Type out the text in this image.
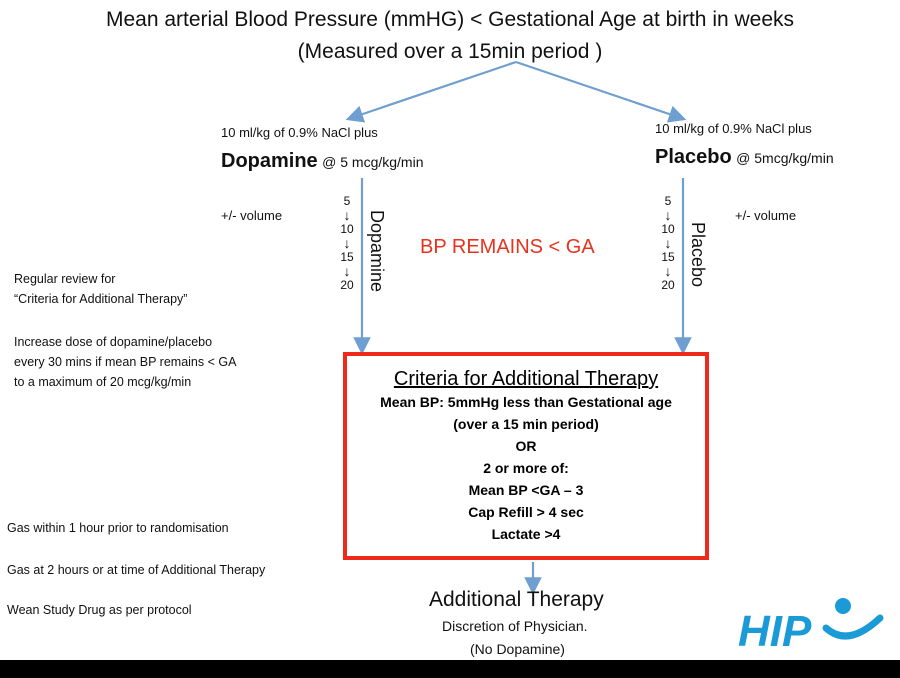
Mean arterial Blood Pressure (mmHG) < Gestational Age at birth in weeks
(Measured over a 15min period )
10 ml/kg of 0.9% NaCl plus
Dopamine @ 5 mcg/kg/min
+/- volume
5
↓
10
↓
15
↓
20 Dopamine BP REMAINS < GA
10 ml/kg of 0.9% NaCl plus
Placebo @ 5mcg/kg/min
+/- volume
5
↓
10
↓
15
↓
20 Placebo
Regular review for
“Criteria for Additional Therapy”
Increase dose of dopamine/placebo
every 30 mins if mean BP remains < GA
to a maximum of 20 mcg/kg/min
Gas within 1 hour prior to randomisation
Gas at 2 hours or at time of Additional Therapy
Wean Study Drug as per protocol
Criteria for Additional Therapy
Mean BP: 5mmHg less than Gestational age
(over a 15 min period)
OR
2 or more of:
Mean BP <GA – 3
Cap Refill > 4 sec
Lactate >4
Additional Therapy
Discretion of Physician.
(No Dopamine)	HIP
